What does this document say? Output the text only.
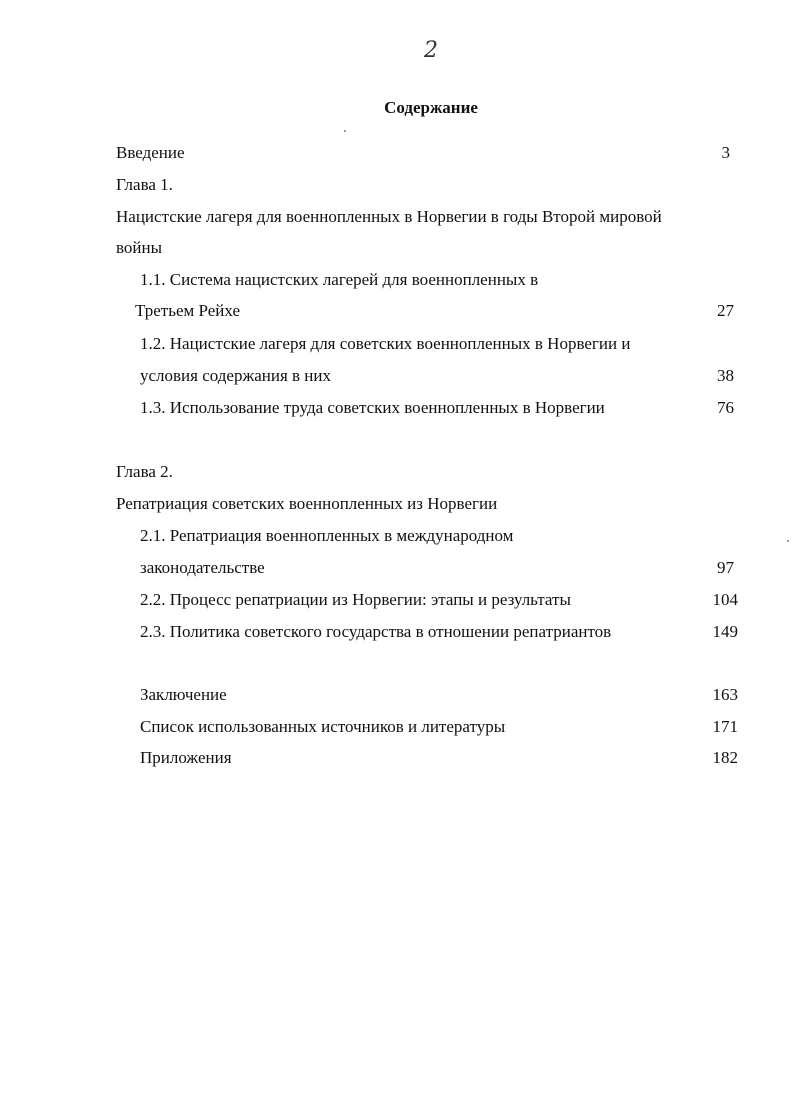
2
Содержание
Введение	3
Глава 1.
Нацистские лагеря для военнопленных в Норвегии в годы Второй мировой
войны
1.1. Система нацистских лагерей для военнопленных в
Третьем Рейхе	27
1.2. Нацистские лагеря для советских военнопленных в Норвегии и
условия содержания в них	38
1.3. Использование труда советских военнопленных в Норвегии	76
Глава 2.
Репатриация советских военнопленных из Норвегии
2.1. Репатриация военнопленных в международном
законодательстве	97
2.2. Процесс репатриации из Норвегии: этапы и результаты	104
2.3. Политика советского государства в отношении репатриантов	149
Заключение	163
Список использованных источников и литературы	171
Приложения	182
